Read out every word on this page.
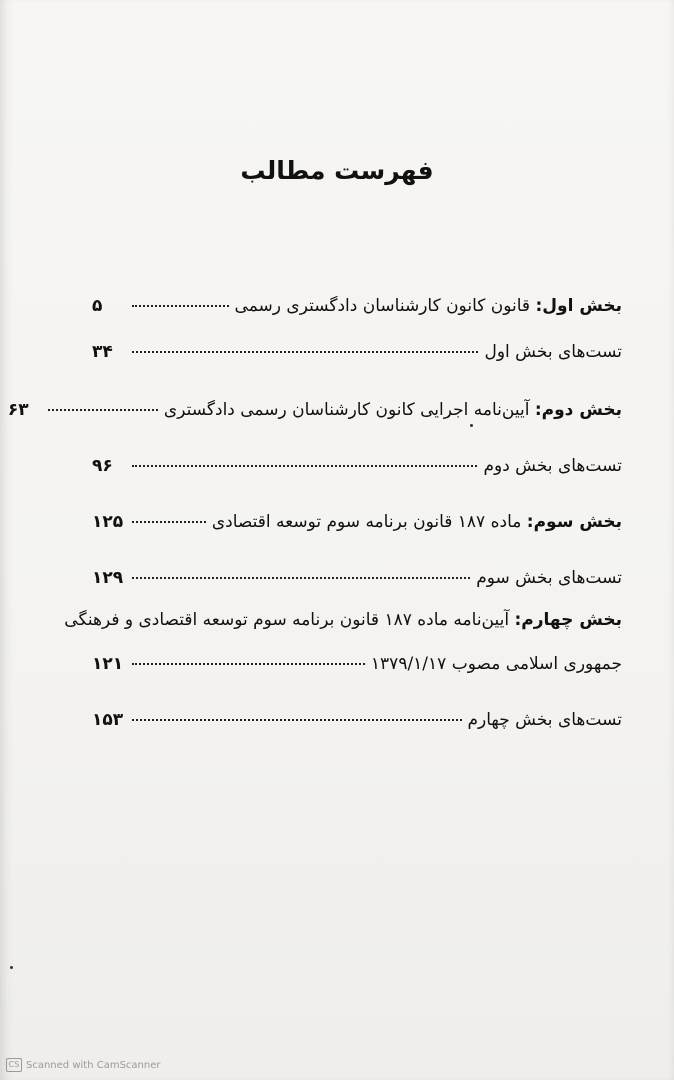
فهرست مطالب
بخش اول: قانون کانون کارشناسان دادگستری رسمی
۵
تست‌های بخش اول
۳۴
بخش دوم: آیین‌نامه اجرایی کانون کارشناسان رسمی دادگستری
۶۳
تست‌های بخش دوم
۹۶
بخش سوم: ماده ۱۸۷ قانون برنامه سوم توسعه اقتصادی
۱۲۵
تست‌های بخش سوم
۱۲۹
بخش چهارم: آیین‌نامه ماده ۱۸۷ قانون برنامه سوم توسعه اقتصادی و فرهنگی
جمهوری اسلامی مصوب ۱۳۷۹/۱/۱۷
۱۲۱
تست‌های بخش چهارم
۱۵۳
CS Scanned with CamScanner
